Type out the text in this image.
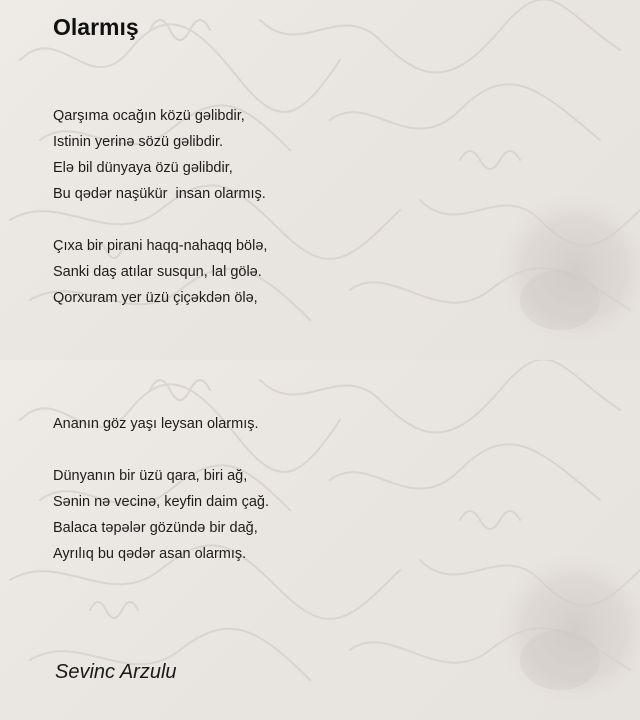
Olarmış

Qarşıma ocağın közü gəlibdir,
Istinin yerinə sözü gəlibdir.
Elə bil dünyaya özü gəlibdir,
Bu qədər naşükür  insan olarmış.

Çıxa bir pirani haqq-nahaqq bölə,
Sanki daş atılar susqun, lal gölə.
Qorxuram yer üzü çiçəkdən ölə,

Ananın göz yaşı leysan olarmış.

Dünyanın bir üzü qara, biri ağ,
Sənin nə vecinə, keyfin daim çağ.
Balaca təpələr gözündə bir dağ,
Ayrılıq bu qədər asan olarmış.

Sevinc Arzulu
